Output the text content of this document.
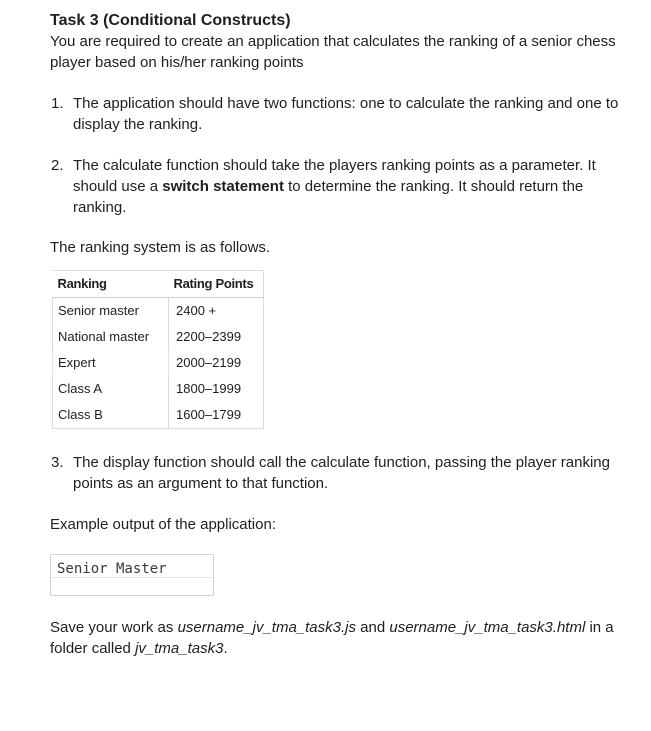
Task 3 (Conditional Constructs)

You are required to create an application that calculates the ranking of a senior chess player based on his/her ranking points

1. The application should have two functions: one to calculate the ranking and one to display the ranking.
2. The calculate function should take the players ranking points as a parameter. It should use a switch statement to determine the ranking. It should return the ranking.

The ranking system is as follows.

Ranking	Rating Points
Senior master	2400 +
National master	2200–2399
Expert	2000–2199
Class A	1800–1999
Class B	1600–1799
3. The display function should call the calculate function, passing the player ranking points as an argument to that function.

Example output of the application:

Senior Master

Save your work as username_jv_tma_task3.js and username_jv_tma_task3.html in a folder called jv_tma_task3.
